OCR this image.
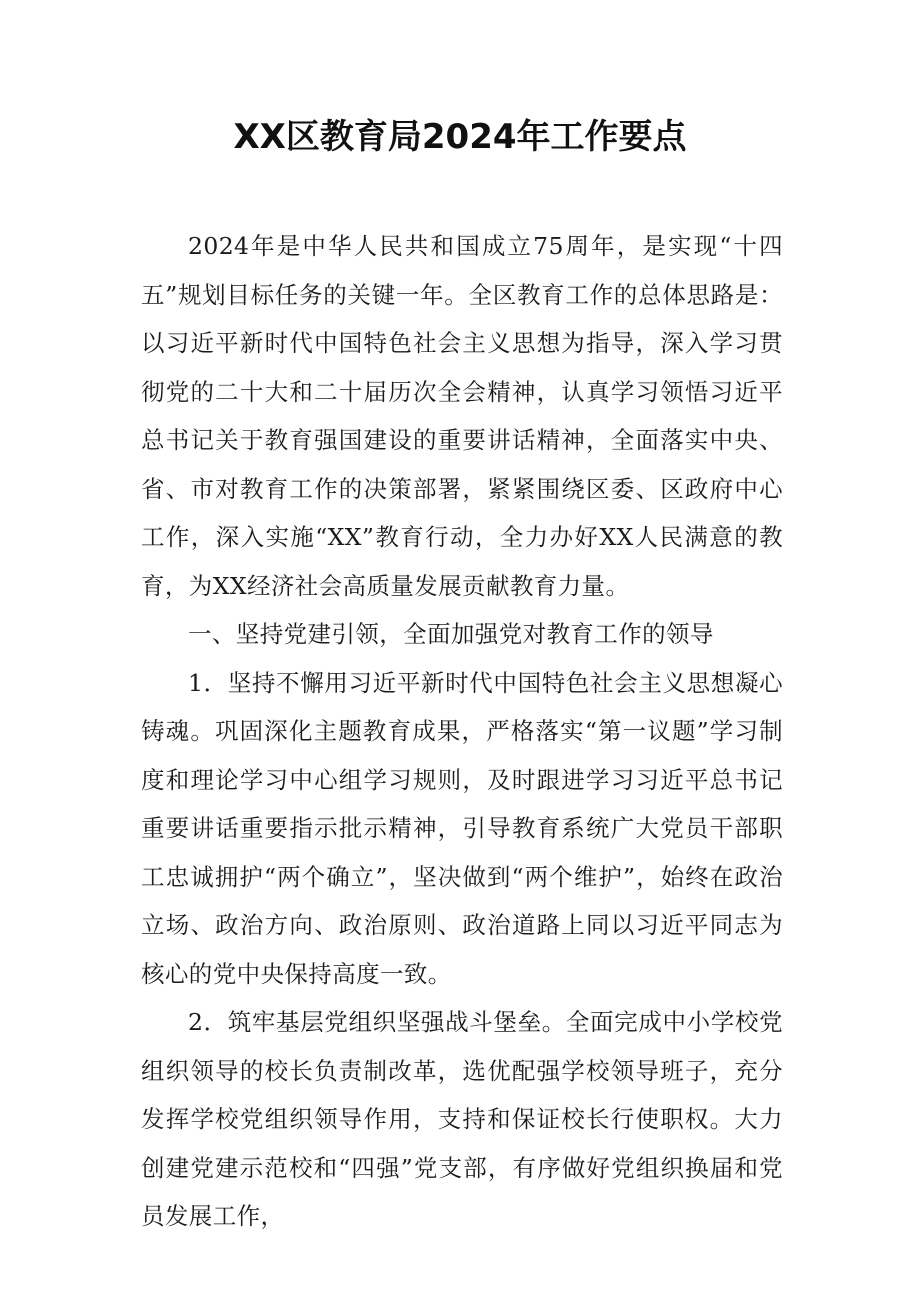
XX区教育局2024年工作要点

2024年是中华人民共和国成立75周年，是实现“十四五”规划目标任务的关键一年。全区教育工作的总体思路是：以习近平新时代中国特色社会主义思想为指导，深入学习贯彻党的二十大和二十届历次全会精神，认真学习领悟习近平总书记关于教育强国建设的重要讲话精神，全面落实中央、省、市对教育工作的决策部署，紧紧围绕区委、区政府中心工作，深入实施“XX”教育行动，全力办好XX人民满意的教育，为XX经济社会高质量发展贡献教育力量。

一、坚持党建引领，全面加强党对教育工作的领导

1．坚持不懈用习近平新时代中国特色社会主义思想凝心铸魂。巩固深化主题教育成果，严格落实“第一议题”学习制度和理论学习中心组学习规则，及时跟进学习习近平总书记重要讲话重要指示批示精神，引导教育系统广大党员干部职工忠诚拥护“两个确立”，坚决做到“两个维护”，始终在政治立场、政治方向、政治原则、政治道路上同以习近平同志为核心的党中央保持高度一致。

2．筑牢基层党组织坚强战斗堡垒。全面完成中小学校党组织领导的校长负责制改革，选优配强学校领导班子，充分发挥学校党组织领导作用，支持和保证校长行使职权。大力创建党建示范校和“四强”党支部，有序做好党组织换届和党员发展工作，
